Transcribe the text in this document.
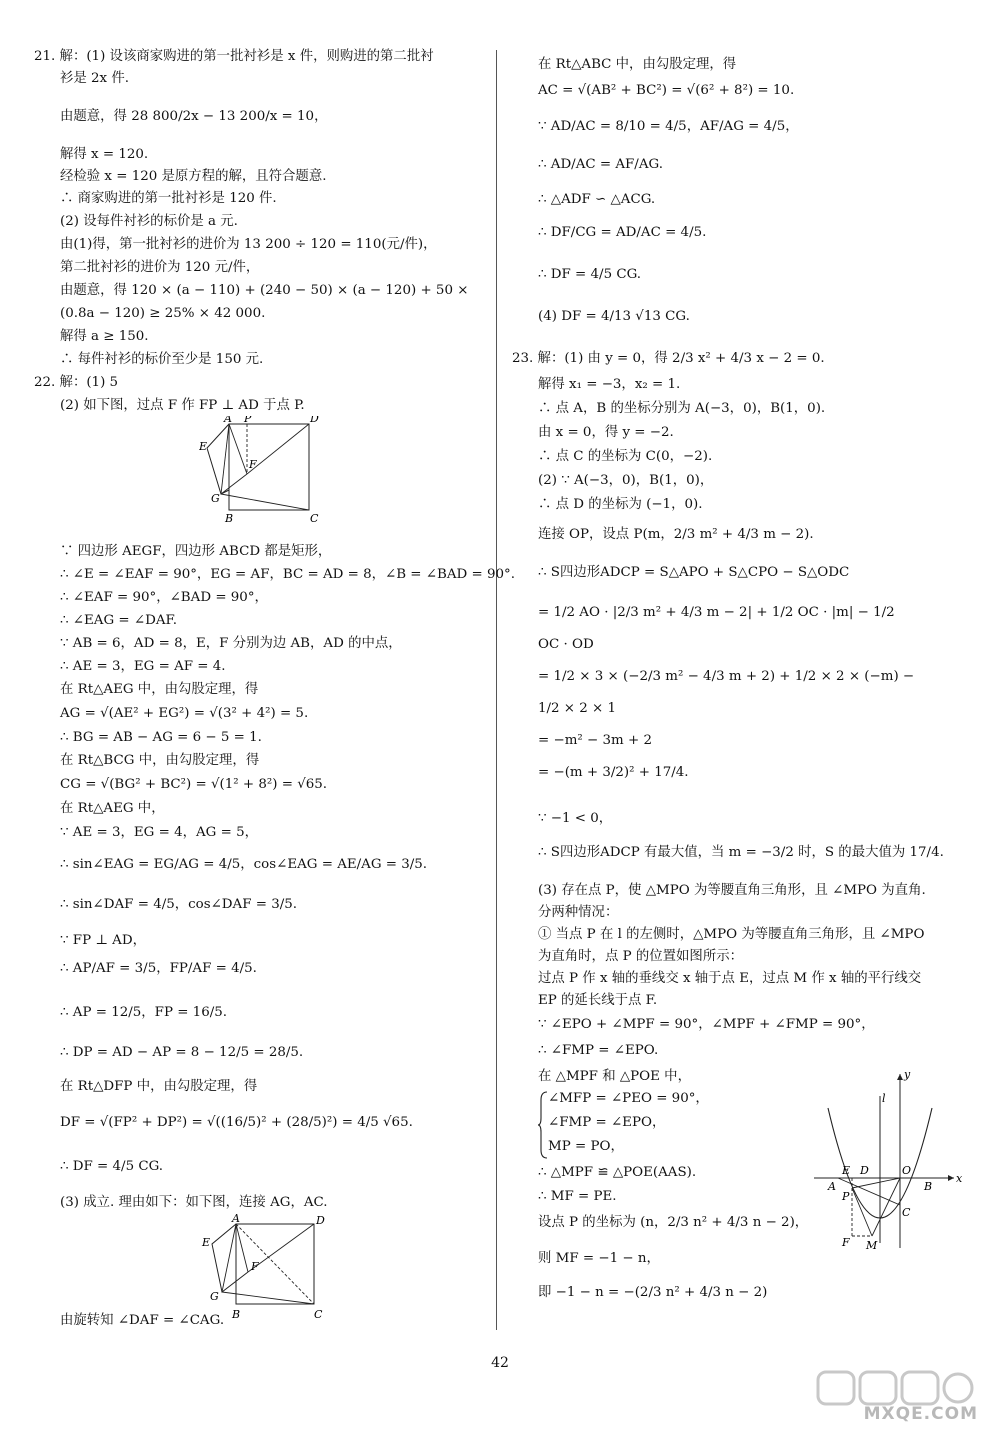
21. 解：(1) 设该商家购进的第一批衬衫是 x 件，则购进的第二批衬
衫是 2x 件.
由题意，得 28 800/2x − 13 200/x = 10，
解得 x = 120.
经检验 x = 120 是原方程的解，且符合题意.
∴ 商家购进的第一批衬衫是 120 件.
(2) 设每件衬衫的标价是 a 元.
由(1)得，第一批衬衫的进价为 13 200 ÷ 120 = 110(元/件)，
第二批衬衫的进价为 120 元/件，
由题意，得 120 × (a − 110) + (240 − 50) × (a − 120) + 50 ×
(0.8a − 120) ≥ 25% × 42 000.
解得 a ≥ 150.
∴ 每件衬衫的标价至少是 150 元.
22. 解：(1) 5
(2) 如下图，过点 F 作 FP ⊥ AD 于点 P.
A P	D
E
F
G
B	C
∵ 四边形 AEGF，四边形 ABCD 都是矩形，
∴ ∠E = ∠EAF = 90°，EG = AF，BC = AD = 8，∠B = ∠BAD = 90°.
∴ ∠EAF = 90°，∠BAD = 90°，
∴ ∠EAG = ∠DAF.
∵ AB = 6，AD = 8，E，F 分别为边 AB，AD 的中点，
∴ AE = 3，EG = AF = 4.
在 Rt△AEG 中，由勾股定理，得
AG = √(AE² + EG²) = √(3² + 4²) = 5.
∴ BG = AB − AG = 6 − 5 = 1.
在 Rt△BCG 中，由勾股定理，得
CG = √(BG² + BC²) = √(1² + 8²) = √65.
在 Rt△AEG 中，
∵ AE = 3，EG = 4，AG = 5，
∴ sin∠EAG = EG/AG = 4/5，cos∠EAG = AE/AG = 3/5.
∴ sin∠DAF = 4/5，cos∠DAF = 3/5.
∵ FP ⊥ AD，
∴ AP/AF = 3/5，FP/AF = 4/5.
∴ AP = 12/5，FP = 16/5.
∴ DP = AD − AP = 8 − 12/5 = 28/5.
在 Rt△DFP 中，由勾股定理，得
DF = √(FP² + DP²) = √((16/5)² + (28/5)²) = 4/5 √65.
∴ DF = 4/5 CG.
(3) 成立. 理由如下：如下图，连接 AG，AC.
A	D
E
F
G
B	C
由旋转知 ∠DAF = ∠CAG.
在 Rt△ABC 中，由勾股定理，得
AC = √(AB² + BC²) = √(6² + 8²) = 10.
∵ AD/AC = 8/10 = 4/5，AF/AG = 4/5，
∴ AD/AC = AF/AG.
∴ △ADF ∽ △ACG.
∴ DF/CG = AD/AC = 4/5.
∴ DF = 4/5 CG.
(4) DF = 4/13 √13 CG.
23. 解：(1) 由 y = 0，得 2/3 x² + 4/3 x − 2 = 0.
解得 x₁ = −3，x₂ = 1.
∴ 点 A，B 的坐标分别为 A(−3，0)，B(1，0).
由 x = 0，得 y = −2.
∴ 点 C 的坐标为 C(0，−2).
(2) ∵ A(−3，0)，B(1，0)，
∴ 点 D 的坐标为 (−1，0).
连接 OP，设点 P(m，2/3 m² + 4/3 m − 2).
∴ S四边形ADCP = S△APO + S△CPO − S△ODC
= 1/2 AO · |2/3 m² + 4/3 m − 2| + 1/2 OC · |m| − 1/2
OC · OD
= 1/2 × 3 × (−2/3 m² − 4/3 m + 2) + 1/2 × 2 × (−m) −
1/2 × 2 × 1
= −m² − 3m + 2
= −(m + 3/2)² + 17/4.
∵ −1 < 0，
∴ S四边形ADCP 有最大值，当 m = −3/2 时，S 的最大值为 17/4.
(3) 存在点 P，使 △MPO 为等腰直角三角形，且 ∠MPO 为直角.
分两种情况：
① 当点 P 在 l 的左侧时，△MPO 为等腰直角三角形，且 ∠MPO
为直角时，点 P 的位置如图所示：
过点 P 作 x 轴的垂线交 x 轴于点 E，过点 M 作 x 轴的平行线交
EP 的延长线于点 F.
∵ ∠EPO + ∠MPF = 90°，∠MPF + ∠FMP = 90°，
∴ ∠FMP = ∠EPO.
在 △MPF 和 △POE 中，
∠MFP = ∠PEO = 90°，
∠FMP = ∠EPO，
MP = PO，
∴ △MPF ≌ △POE(AAS).
∴ MF = PE.
设点 P 的坐标为 (n，2/3 n² + 4/3 n − 2)，
则 MF = −1 − n，
即 −1 − n = −(2/3 n² + 4/3 n − 2)
y
x
l
E D	O
A	B
P
C
F M
42
MXQE.COM
